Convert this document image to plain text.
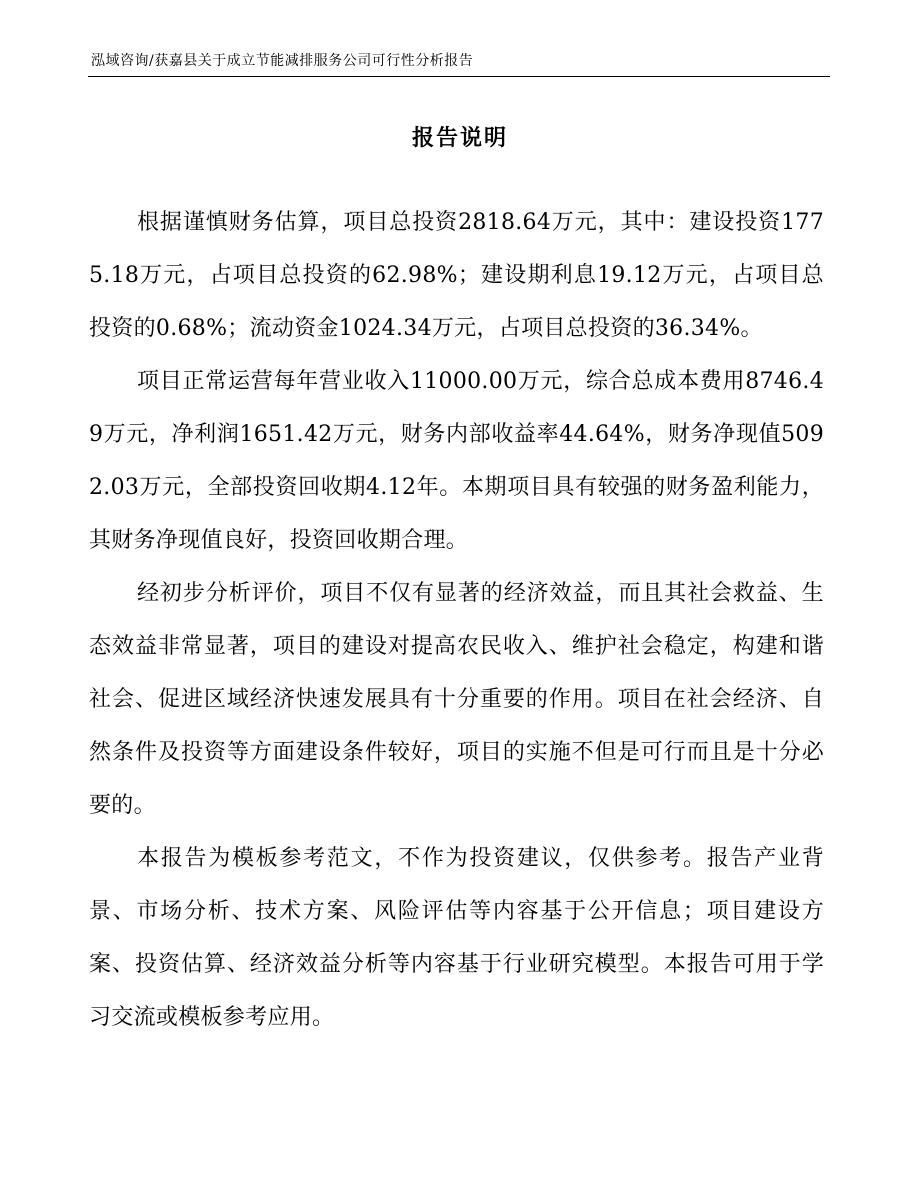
泓域咨询/获嘉县关于成立节能减排服务公司可行性分析报告
报告说明

根据谨慎财务估算，项目总投资2818.64万元，其中：建设投资1775.18万元，占项目总投资的62.98%；建设期利息19.12万元，占项目总投资的0.68%；流动资金1024.34万元，占项目总投资的36.34%。

项目正常运营每年营业收入11000.00万元，综合总成本费用8746.49万元，净利润1651.42万元，财务内部收益率44.64%，财务净现值5092.03万元，全部投资回收期4.12年。本期项目具有较强的财务盈利能力，其财务净现值良好，投资回收期合理。

经初步分析评价，项目不仅有显著的经济效益，而且其社会救益、生态效益非常显著，项目的建设对提高农民收入、维护社会稳定，构建和谐社会、促进区域经济快速发展具有十分重要的作用。项目在社会经济、自然条件及投资等方面建设条件较好，项目的实施不但是可行而且是十分必要的。

本报告为模板参考范文，不作为投资建议，仅供参考。报告产业背景、市场分析、技术方案、风险评估等内容基于公开信息；项目建设方案、投资估算、经济效益分析等内容基于行业研究模型。本报告可用于学习交流或模板参考应用。
